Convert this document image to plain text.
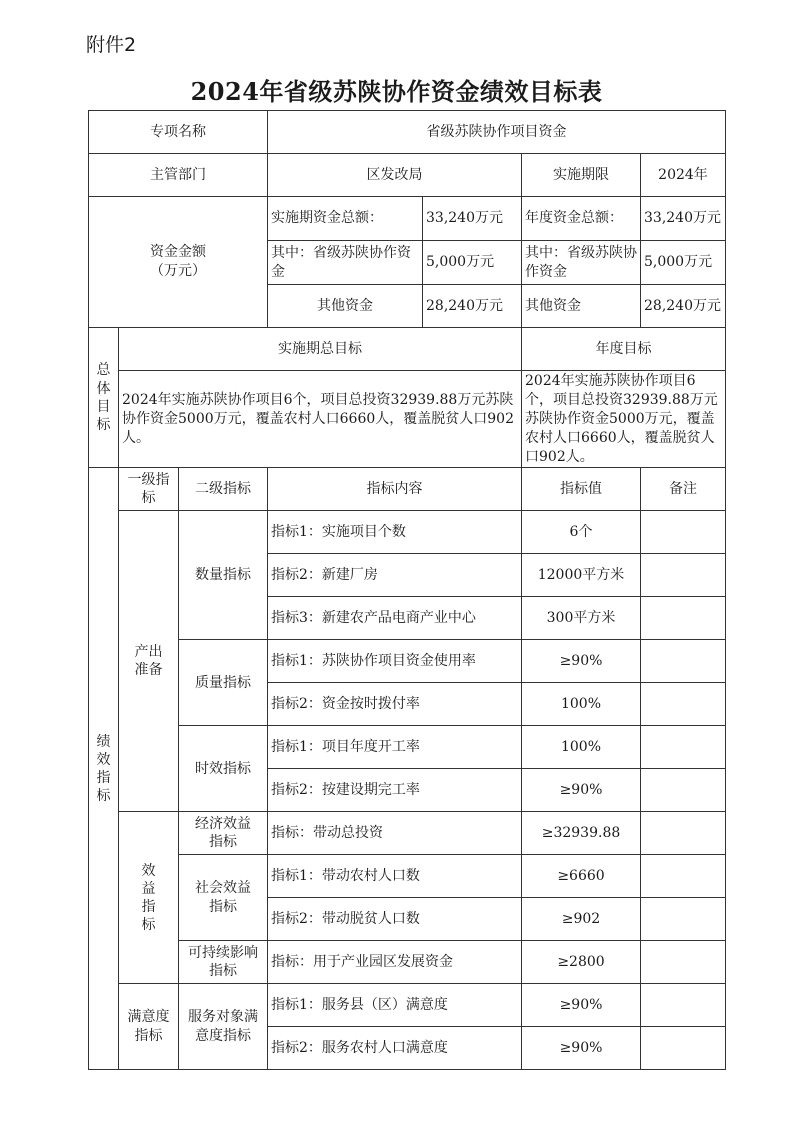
附件2
2024年省级苏陕协作资金绩效目标表
专项名称			省级苏陕协作项目资金			
主管部门			区发改局		实施期限	2024年

资金金额
（万元）			实施期资金总额：	33,240万元	年度资金总额：	33,240万元
			其中：省级苏陕协作资金	5,000万元	其中：省级苏陕协作资金	5,000万元
			其他资金	28,240万元	其他资金	28,240万元

总体目标	实施期总目标				年度目标	
	2024年实施苏陕协作项目6个，项目总投资32939.88万元苏陕协作资金5000万元，覆盖农村人口6660人，覆盖脱贫人口902人。				2024年实施苏陕协作项目6个，项目总投资32939.88万元苏陕协作资金5000万元，覆盖农村人口6660人，覆盖脱贫人口902人。	

绩效指标	一级指标	二级指标	指标内容		指标值	备注

	产出准备	数量指标	指标1：实施项目个数		6个	
			指标2：新建厂房		12000平方米	
			指标3：新建农产品电商产业中心		300平方米	
		质量指标	指标1：苏陕协作项目资金使用率		≥90%	
			指标2：资金按时拨付率		100%	
		时效指标	指标1：项目年度开工率		100%	
			指标2：按建设期完工率		≥90%	

	效益指标	经济效益指标	指标：带动总投资		≥32939.88	

		社会效益指标	指标1：带动农村人口数		≥6660	
			指标2：带动脱贫人口数		≥902	

		可持续影响指标	指标：用于产业园区发展资金		≥2800	

	满意度指标	服务对象满意度指标	指标1：服务县（区）满意度		≥90%	
			指标2：服务农村人口满意度		≥90%	
